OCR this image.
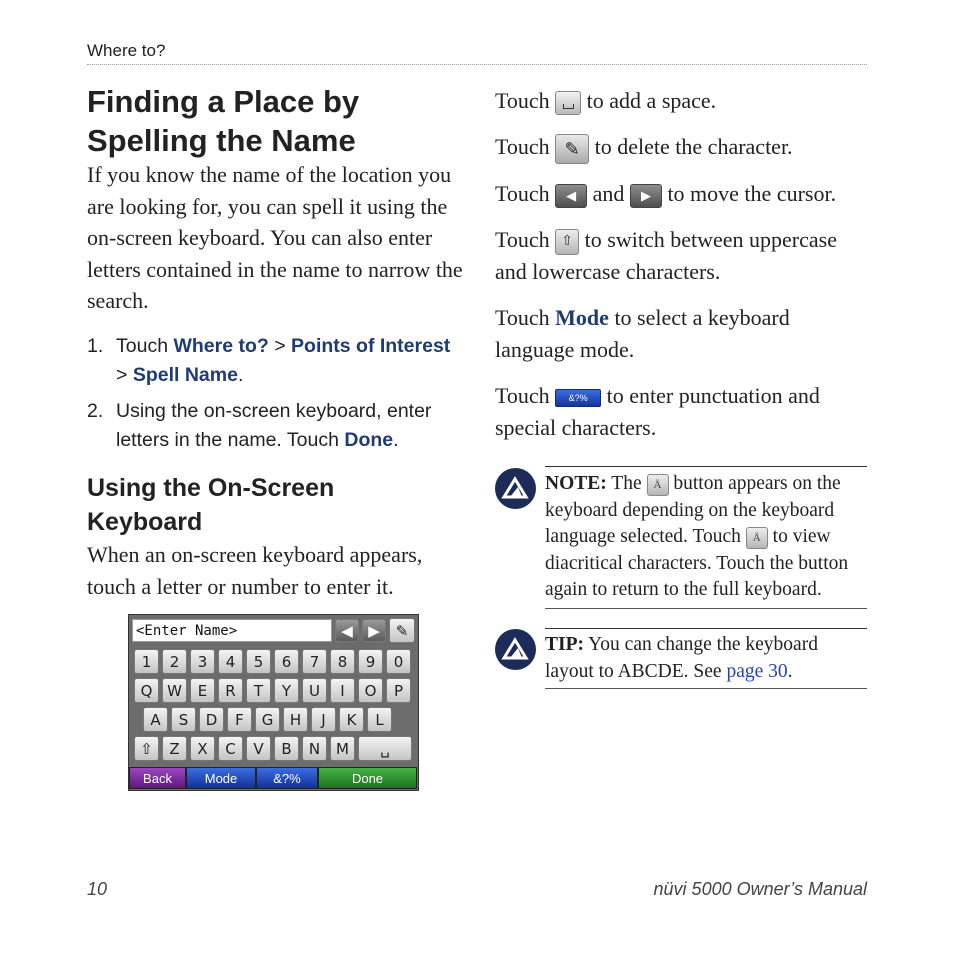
Where to?
Finding a Place by Spelling the Name

If you know the name of the location you are looking for, you can spell it using the on-screen keyboard. You can also enter letters contained in the name to narrow the search.

1. Touch Where to? > Points of Interest > Spell Name.
2. Using the on-screen keyboard, enter letters in the name. Touch Done.
Using the On-Screen Keyboard

When an on-screen keyboard appears, touch a letter or number to enter it.

<Enter Name>	◀	▶	✎
1	2	3	4	5	6	7	8	9	0
Q W	E	R	T	Y	U	I	O	P
A	S	D	F	G	H	J	K	L
⇧	Z	X	C	V	B	N	M	␣
Back	Mode	&?%	Done

Touch to add a space.

Touch ✎ to delete the character.

Touch ◀ and ▶ to move the cursor.

Touch ⇧ to switch between uppercase and lowercase characters.

Touch Mode to select a keyboard language mode.

Touch &?% to enter punctuation and special characters.

NOTE: The Ä button appears on the keyboard depending on the keyboard language selected. Touch Ä to view diacritical characters. Touch the button again to return to the full keyboard.
TIP: You can change the keyboard layout to ABCDE. See page 30.
10	nüvi 5000 Owner’s Manual
